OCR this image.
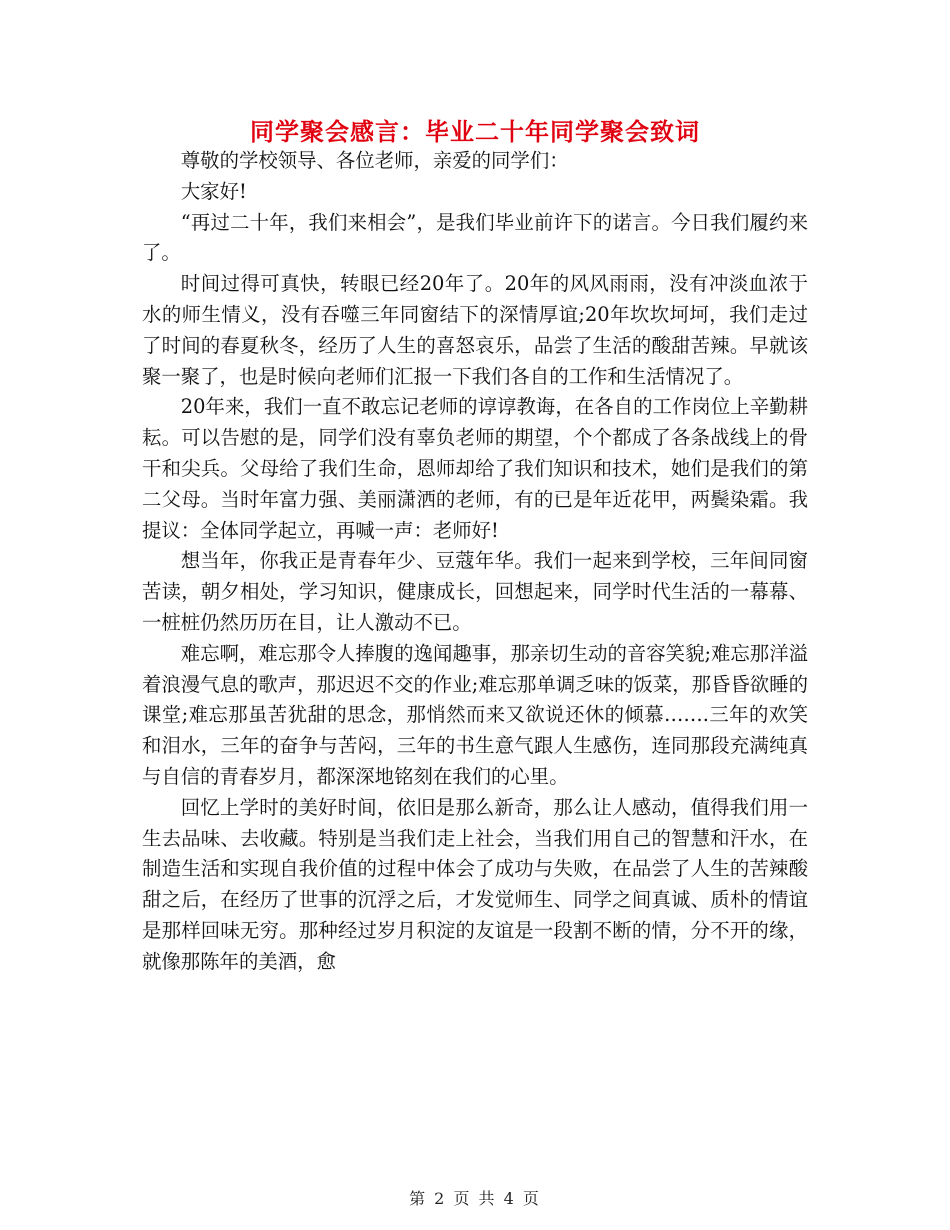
同学聚会感言：毕业二十年同学聚会致词

尊敬的学校领导、各位老师，亲爱的同学们：

大家好!

“再过二十年，我们来相会”，是我们毕业前许下的诺言。今日我们履约来了。

时间过得可真快，转眼已经20年了。20年的风风雨雨，没有冲淡血浓于水的师生情义，没有吞噬三年同窗结下的深情厚谊;20年坎坎坷坷，我们走过了时间的春夏秋冬，经历了人生的喜怒哀乐，品尝了生活的酸甜苦辣。早就该聚一聚了，也是时候向老师们汇报一下我们各自的工作和生活情况了。

20年来，我们一直不敢忘记老师的谆谆教诲，在各自的工作岗位上辛勤耕耘。可以告慰的是，同学们没有辜负老师的期望，个个都成了各条战线上的骨干和尖兵。父母给了我们生命，恩师却给了我们知识和技术，她们是我们的第二父母。当时年富力强、美丽潇洒的老师，有的已是年近花甲，两鬓染霜。我提议：全体同学起立，再喊一声：老师好!

想当年，你我正是青春年少、豆蔻年华。我们一起来到学校，三年间同窗苦读，朝夕相处，学习知识，健康成长，回想起来，同学时代生活的一幕幕、一桩桩仍然历历在目，让人激动不已。

难忘啊，难忘那令人捧腹的逸闻趣事，那亲切生动的音容笑貌;难忘那洋溢着浪漫气息的歌声，那迟迟不交的作业;难忘那单调乏味的饭菜，那昏昏欲睡的课堂;难忘那虽苦犹甜的思念，那悄然而来又欲说还休的倾慕…….三年的欢笑和泪水，三年的奋争与苦闷，三年的书生意气跟人生感伤，连同那段充满纯真与自信的青春岁月，都深深地铭刻在我们的心里。

回忆上学时的美好时间，依旧是那么新奇，那么让人感动，值得我们用一生去品味、去收藏。特别是当我们走上社会，当我们用自己的智慧和汗水，在制造生活和实现自我价值的过程中体会了成功与失败，在品尝了人生的苦辣酸甜之后，在经历了世事的沉浮之后，才发觉师生、同学之间真诚、质朴的情谊是那样回味无穷。那种经过岁月积淀的友谊是一段割不断的情，分不开的缘，就像那陈年的美酒，愈

第 2 页 共 4 页
